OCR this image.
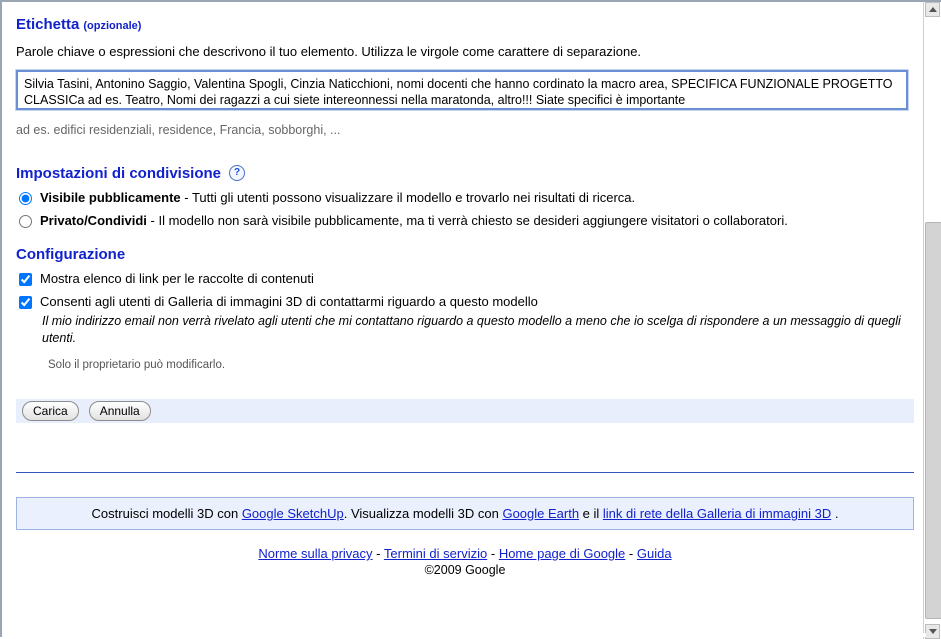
Etichetta (opzionale)
Parole chiave o espressioni che descrivono il tuo elemento. Utilizza le virgole come carattere di separazione.
Silvia Tasini, Antonino Saggio, Valentina Spogli, Cinzia Naticchioni, nomi docenti che hanno cordinato la macro area, SPECIFICA FUNZIONALE PROGETTO CLASSICa ad es. Teatro, Nomi dei ragazzi a cui siete intereonnessi nella maratonda, altro!!! Siate specifici è importante
ad es. edifici residenziali, residence, Francia, sobborghi, ...
Impostazioni di condivisione ?
Visibile pubblicamente - Tutti gli utenti possono visualizzare il modello e trovarlo nei risultati di ricerca.
Privato/Condividi - Il modello non sarà visibile pubblicamente, ma ti verrà chiesto se desideri aggiungere visitatori o collaboratori.
Configurazione
Mostra elenco di link per le raccolte di contenuti
Consenti agli utenti di Galleria di immagini 3D di contattarmi riguardo a questo modello
Il mio indirizzo email non verrà rivelato agli utenti che mi contattano riguardo a questo modello a meno che io scelga di rispondere a un messaggio di quegli utenti.
Solo il proprietario può modificarlo.
Carica	Annulla
Costruisci modelli 3D con Google SketchUp. Visualizza modelli 3D con Google Earth e il link di rete della Galleria di immagini 3D .
Norme sulla privacy - Termini di servizio - Home page di Google - Guida
©2009 Google
